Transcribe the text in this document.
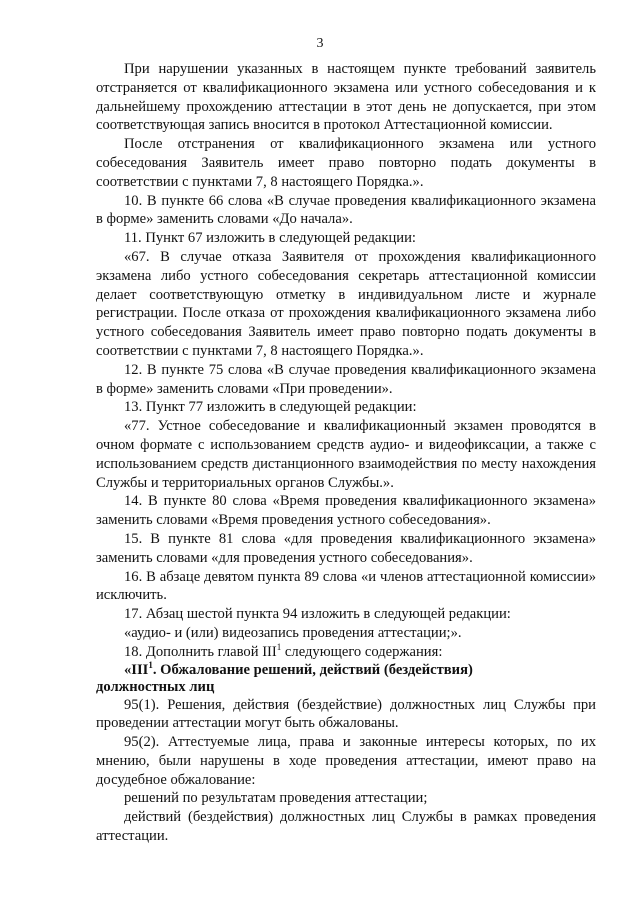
3

При нарушении указанных в настоящем пункте требований заявитель отстраняется от квалификационного экзамена или устного собеседования и к дальнейшему прохождению аттестации в этот день не допускается, при этом соответствующая запись вносится в протокол Аттестационной комиссии.

После отстранения от квалификационного экзамена или устного собеседования Заявитель имеет право повторно подать документы в соответствии с пунктами 7, 8 настоящего Порядка.».

10. В пункте 66 слова «В случае проведения квалификационного экзамена в форме» заменить словами «До начала».

11. Пункт 67 изложить в следующей редакции:

«67. В случае отказа Заявителя от прохождения квалификационного экзамена либо устного собеседования секретарь аттестационной комиссии делает соответствующую отметку в индивидуальном листе и журнале регистрации. После отказа от прохождения квалификационного экзамена либо устного собеседования Заявитель имеет право повторно подать документы в соответствии с пунктами 7, 8 настоящего Порядка.».

12. В пункте 75 слова «В случае проведения квалификационного экзамена в форме» заменить словами «При проведении».

13. Пункт 77 изложить в следующей редакции:

«77. Устное собеседование и квалификационный экзамен проводятся в очном формате с использованием средств аудио- и видеофиксации, а также с использованием средств дистанционного взаимодействия по месту нахождения Службы и территориальных органов Службы.».

14. В пункте 80 слова «Время проведения квалификационного экзамена» заменить словами «Время проведения устного собеседования».

15. В пункте 81 слова «для проведения квалификационного экзамена» заменить словами «для проведения устного собеседования».

16. В абзаце девятом пункта 89 слова «и членов аттестационной комиссии» исключить.

17. Абзац шестой пункта 94 изложить в следующей редакции:

«аудио- и (или) видеозапись проведения аттестации;».

18. Дополнить главой III$^1$ следующего содержания:

«III$^1$. Обжалование решений, действий (бездействия)
должностных лиц

95(1). Решения, действия (бездействие) должностных лиц Службы при проведении аттестации могут быть обжалованы.

95(2). Аттестуемые лица, права и законные интересы которых, по их мнению, были нарушены в ходе проведения аттестации, имеют право на досудебное обжалование:

решений по результатам проведения аттестации;

действий (бездействия) должностных лиц Службы в рамках проведения аттестации.
